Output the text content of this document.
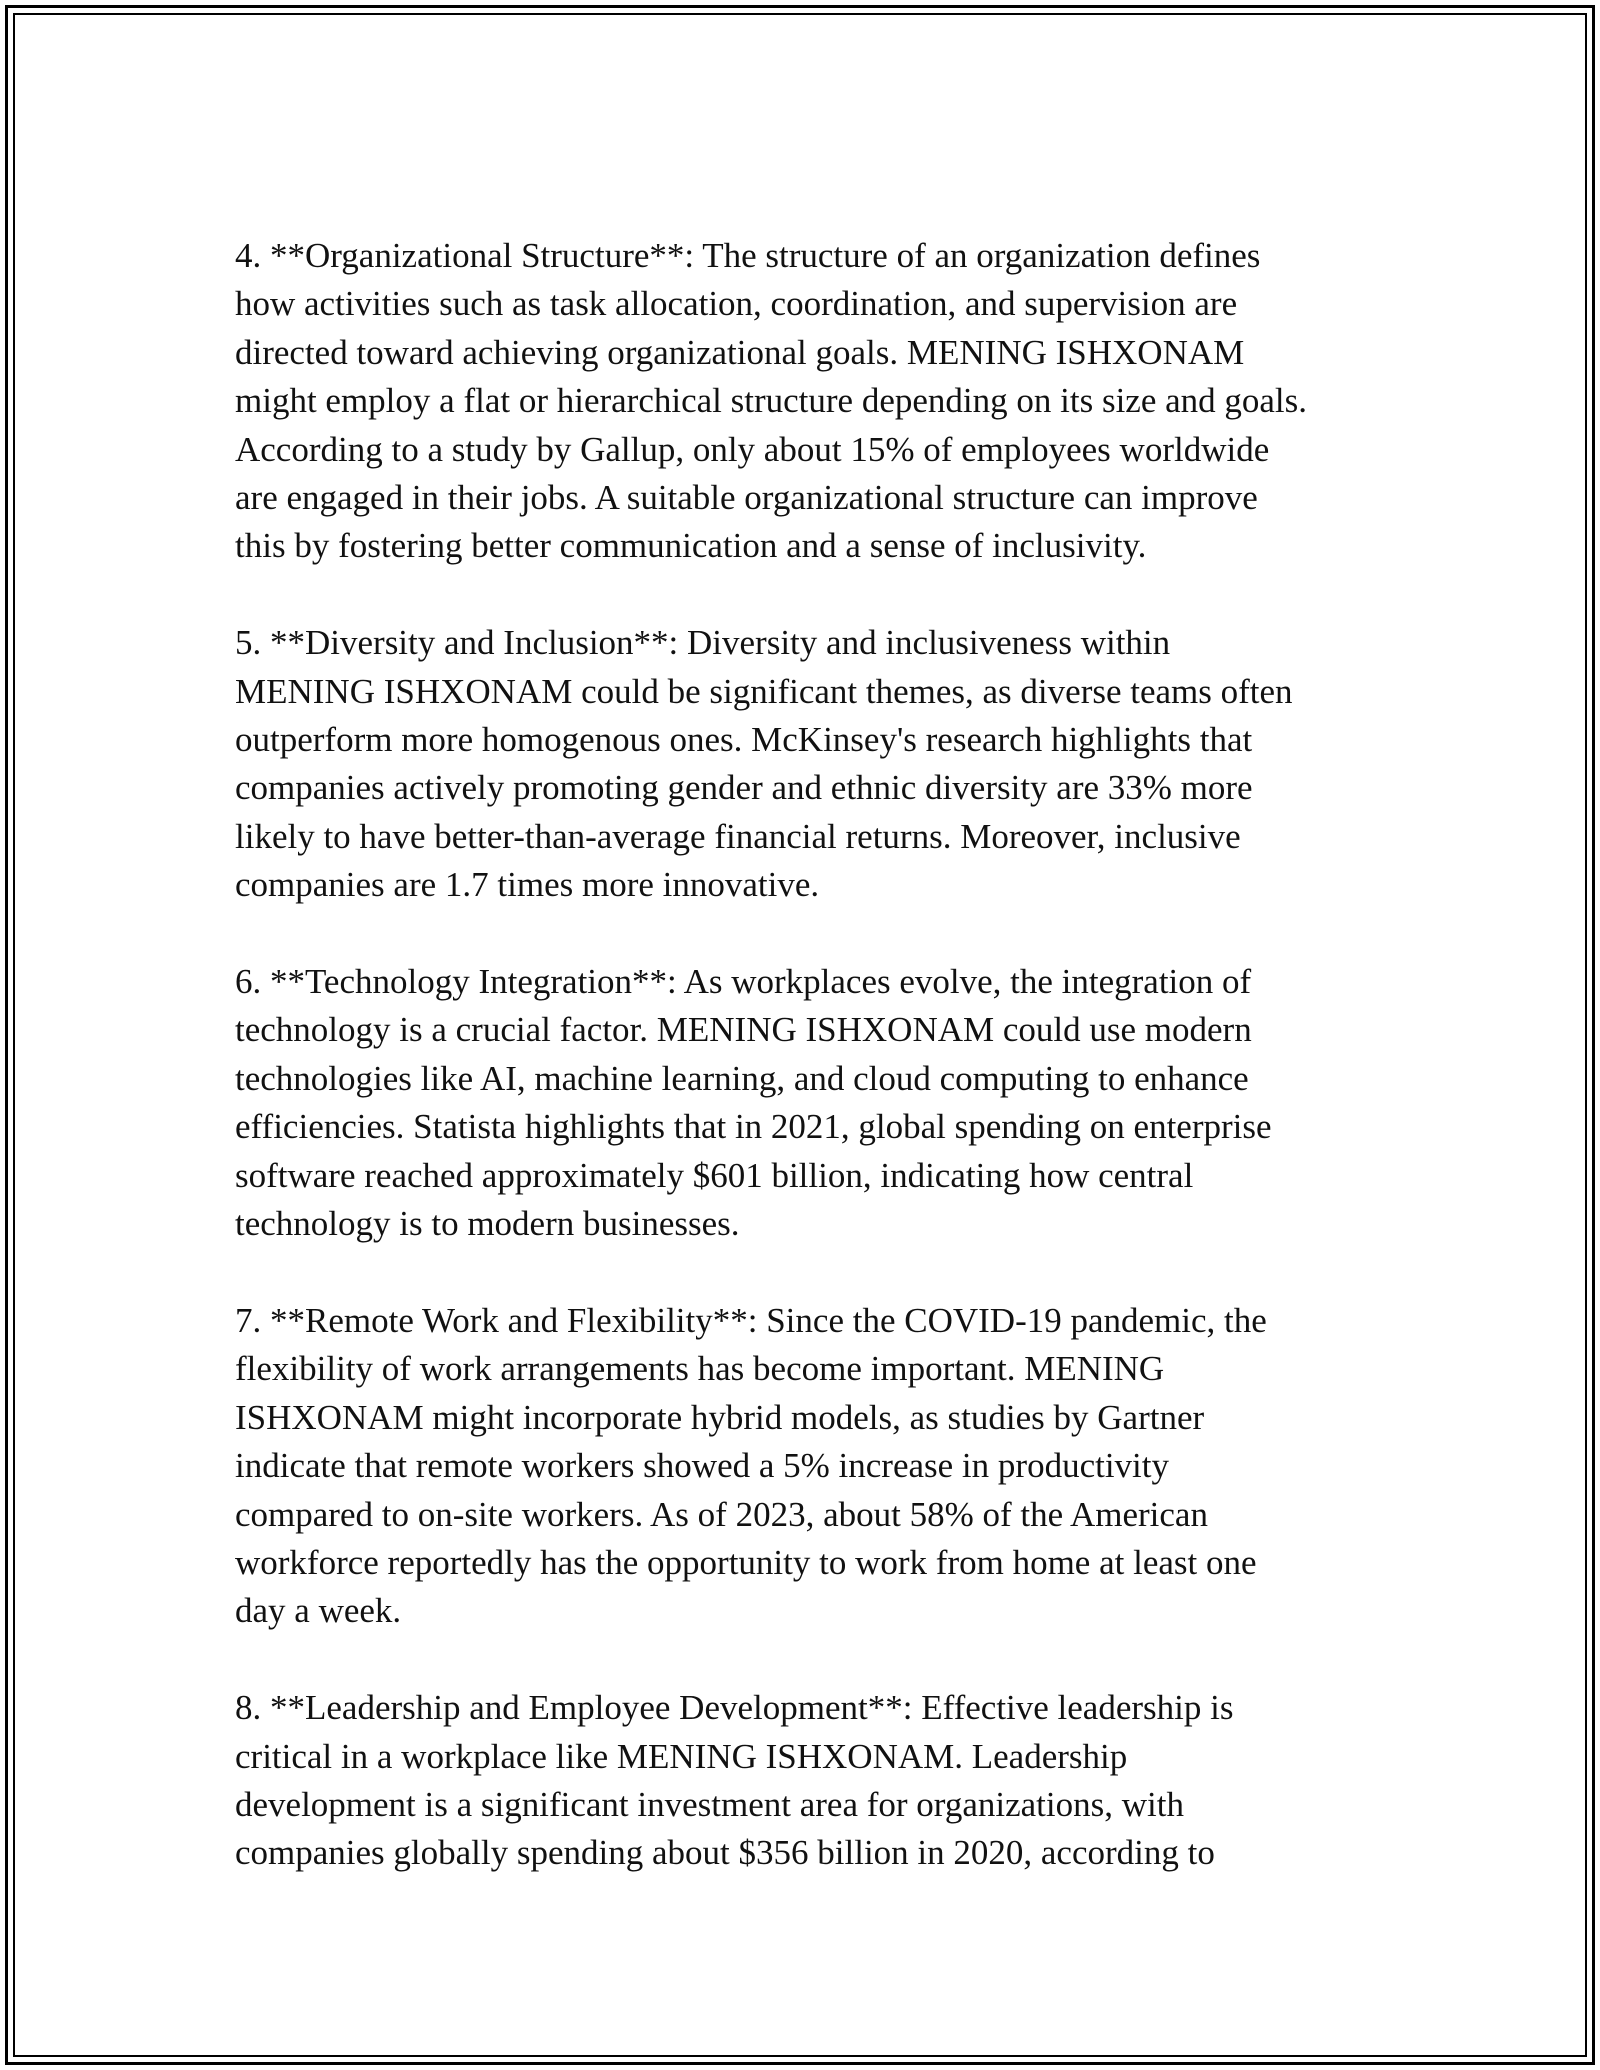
4. **Organizational Structure**: The structure of an organization defines
how activities such as task allocation, coordination, and supervision are
directed toward achieving organizational goals. MENING ISHXONAM
might employ a flat or hierarchical structure depending on its size and goals.
According to a study by Gallup, only about 15% of employees worldwide
are engaged in their jobs. A suitable organizational structure can improve
this by fostering better communication and a sense of inclusivity.

5. **Diversity and Inclusion**: Diversity and inclusiveness within
MENING ISHXONAM could be significant themes, as diverse teams often
outperform more homogenous ones. McKinsey's research highlights that
companies actively promoting gender and ethnic diversity are 33% more
likely to have better-than-average financial returns. Moreover, inclusive
companies are 1.7 times more innovative.

6. **Technology Integration**: As workplaces evolve, the integration of
technology is a crucial factor. MENING ISHXONAM could use modern
technologies like AI, machine learning, and cloud computing to enhance
efficiencies. Statista highlights that in 2021, global spending on enterprise
software reached approximately $601 billion, indicating how central
technology is to modern businesses.

7. **Remote Work and Flexibility**: Since the COVID-19 pandemic, the
flexibility of work arrangements has become important. MENING
ISHXONAM might incorporate hybrid models, as studies by Gartner
indicate that remote workers showed a 5% increase in productivity
compared to on-site workers. As of 2023, about 58% of the American
workforce reportedly has the opportunity to work from home at least one
day a week.

8. **Leadership and Employee Development**: Effective leadership is
critical in a workplace like MENING ISHXONAM. Leadership
development is a significant investment area for organizations, with
companies globally spending about $356 billion in 2020, according to
